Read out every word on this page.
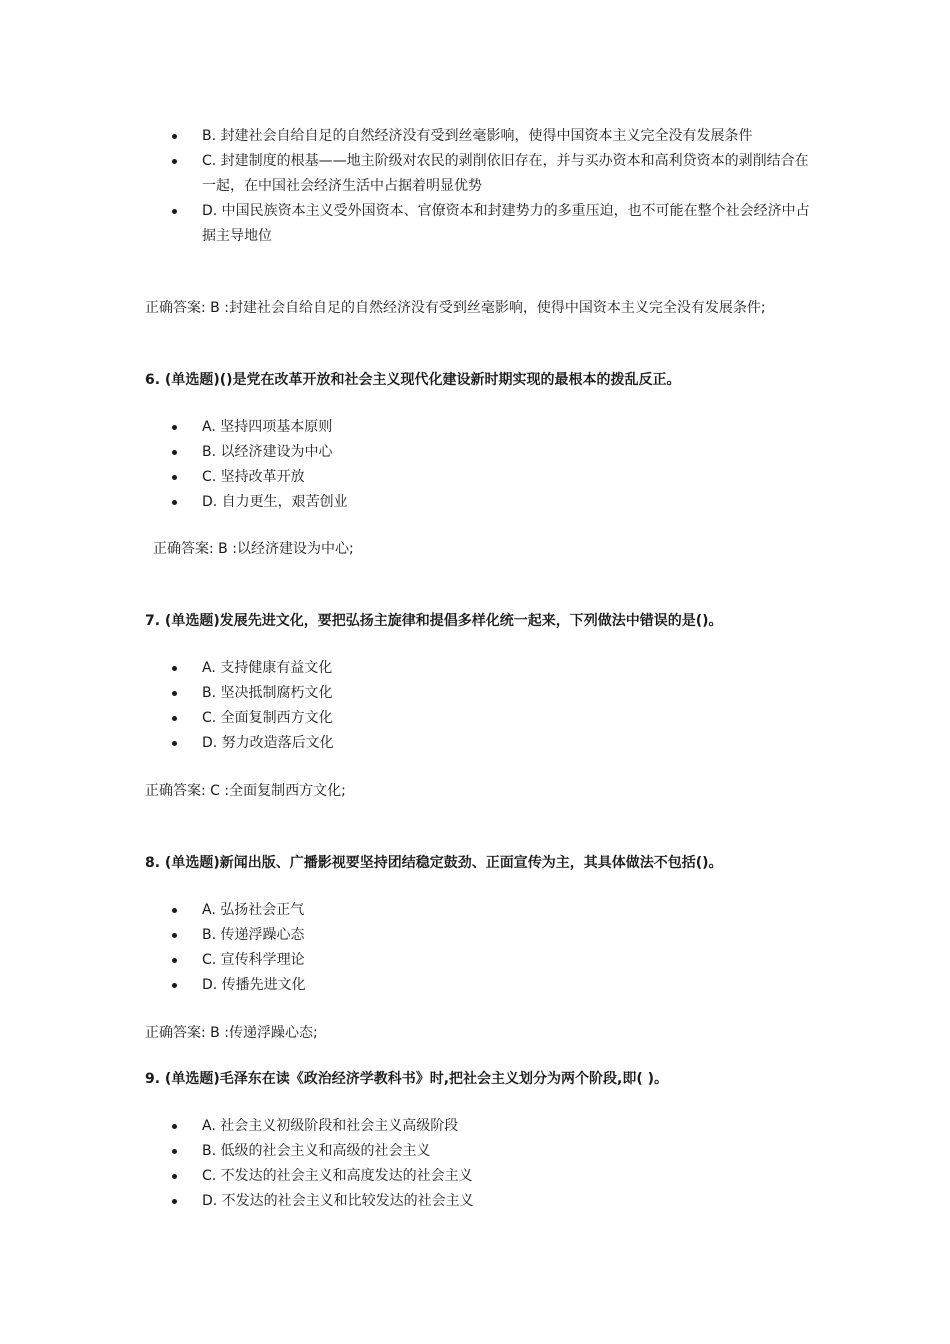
B. 封建社会自给自足的自然经济没有受到丝毫影响，使得中国资本主义完全没有发展条件
C. 封建制度的根基——地主阶级对农民的剥削依旧存在，并与买办资本和高利贷资本的剥削结合在一起，在中国社会经济生活中占据着明显优势
D. 中国民族资本主义受外国资本、官僚资本和封建势力的多重压迫，也不可能在整个社会经济中占据主导地位
正确答案: B :封建社会自给自足的自然经济没有受到丝毫影响，使得中国资本主义完全没有发展条件;
6. (单选题)()是党在改革开放和社会主义现代化建设新时期实现的最根本的拨乱反正。
A. 坚持四项基本原则
B. 以经济建设为中心
C. 坚持改革开放
D. 自力更生，艰苦创业
正确答案: B :以经济建设为中心;
7. (单选题)发展先进文化，要把弘扬主旋律和提倡多样化统一起来，下列做法中错误的是()。
A. 支持健康有益文化
B. 坚决抵制腐朽文化
C. 全面复制西方文化
D. 努力改造落后文化
正确答案: C :全面复制西方文化;
8. (单选题)新闻出版、广播影视要坚持团结稳定鼓劲、正面宣传为主，其具体做法不包括()。
A. 弘扬社会正气
B. 传递浮躁心态
C. 宣传科学理论
D. 传播先进文化
正确答案: B :传递浮躁心态;
9. (单选题)毛泽东在读《政治经济学教科书》时,把社会主义划分为两个阶段,即( )。
A. 社会主义初级阶段和社会主义高级阶段
B. 低级的社会主义和高级的社会主义
C. 不发达的社会主义和高度发达的社会主义
D. 不发达的社会主义和比较发达的社会主义
